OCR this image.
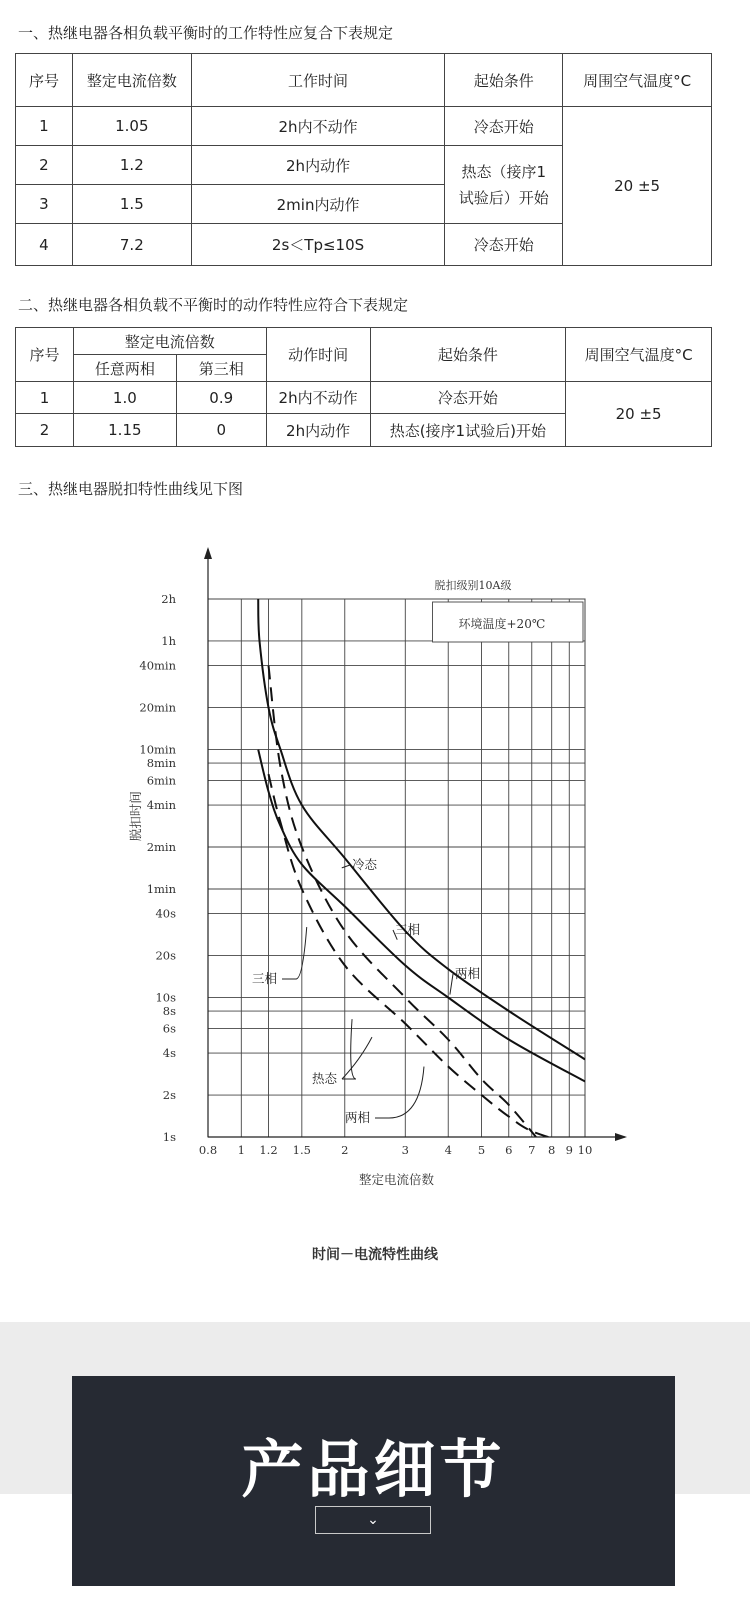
一、热继电器各相负载平衡时的工作特性应复合下表规定
序号	整定电流倍数	工作时间	起始条件	周围空气温度°C
1	1.05	2h内不动作	冷态开始	20 ±5
2	1.2	2h内动作	热态（接序1
试验后）开始	

3	1.5	2min内动作		
4	7.2	2s＜Tp≤10S	冷态开始	
二、热继电器各相负载不平衡时的动作特性应符合下表规定
序号	整定电流倍数		动作时间	起始条件	周围空气温度°C
	任意两相	第三相			
1	1.0	0.9	2h内不动作	冷态开始	20 ±5
2	1.15	0	2h内动作	热态(接序1试验后)开始	
三、热继电器脱扣特性曲线见下图
0.8 1 1.2 1.5	2	3	4 5 6 7 8 9 10
1s
2s
4s
6s
8s
10s
20s
40s
1min
2min
4min
6min
8min
10min
20min
40min
1h
2h
脱扣级别10A级
环境温度+20℃
整定电流倍数
脱扣时间
冷态
三相
两相
三相
热态
两相
时间－电流特性曲线
产品细节
⌄
